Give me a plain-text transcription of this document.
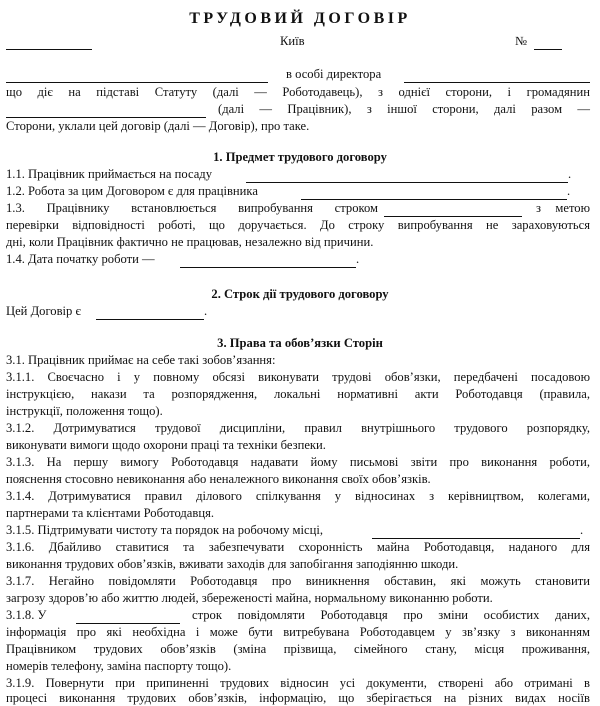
ТРУДОВИЙ ДОГОВІР
Київ	№
в особі директора
що діє на підставі Статуту (далі — Роботодавець), з однієї сторони, і громадянин
(далі — Працівник), з іншої сторони, далі разом —
Сторони, уклали цей договір (далі — Договір), про таке.
1. Предмет трудового договору
1.1. Працівник приймається на посаду	.
1.2. Робота за цим Договором є для працівника	.
1.3. Працівнику встановлюється випробування строком	з метою
перевірки відповідності роботі, що доручається. До строку випробування не зараховуються
дні, коли Працівник фактично не працював, незалежно від причини.
1.4. Дата початку роботи —	.
2. Строк дії трудового договору
Цей Договір є	.
3. Права та обов’язки Сторін
3.1. Працівник приймає на себе такі зобов’язання:
3.1.1. Своєчасно і у повному обсязі виконувати трудові обов’язки, передбачені посадовою
інструкцією, накази та розпорядження, локальні нормативні акти Роботодавця (правила,
інструкції, положення тощо).
3.1.2. Дотримуватися трудової дисципліни, правил внутрішнього трудового розпорядку,
виконувати вимоги щодо охорони праці та техніки безпеки.
3.1.3. На першу вимогу Роботодавця надавати йому письмові звіти про виконання роботи,
пояснення стосовно невиконання або неналежного виконання своїх обов’язків.
3.1.4. Дотримуватися правил ділового спілкування у відносинах з керівництвом, колегами,
партнерами та клієнтами Роботодавця.
3.1.5. Підтримувати чистоту та порядок на робочому місці,	.
3.1.6. Дбайливо ставитися та забезпечувати схоронність майна Роботодавця, наданого для
виконання трудових обов’язків, вживати заходів для запобігання заподіянню шкоди.
3.1.7. Негайно повідомляти Роботодавця про виникнення обставин, які можуть становити
загрозу здоров’ю або життю людей, збереженості майна, нормальному виконанню роботи.
3.1.8. У	строк повідомляти Роботодавця про зміни особистих даних,
інформація про які необхідна і може бути витребувана Роботодавцем у зв’язку з виконанням
Працівником трудових обов’язків (зміна прізвища, сімейного стану, місця проживання,
номерів телефону, заміна паспорту тощо).
3.1.9. Повернути при припиненні трудових відносин усі документи, створені або отримані в
процесі виконання трудових обов’язків, інформацію, що зберігається на різних видах носіїв
